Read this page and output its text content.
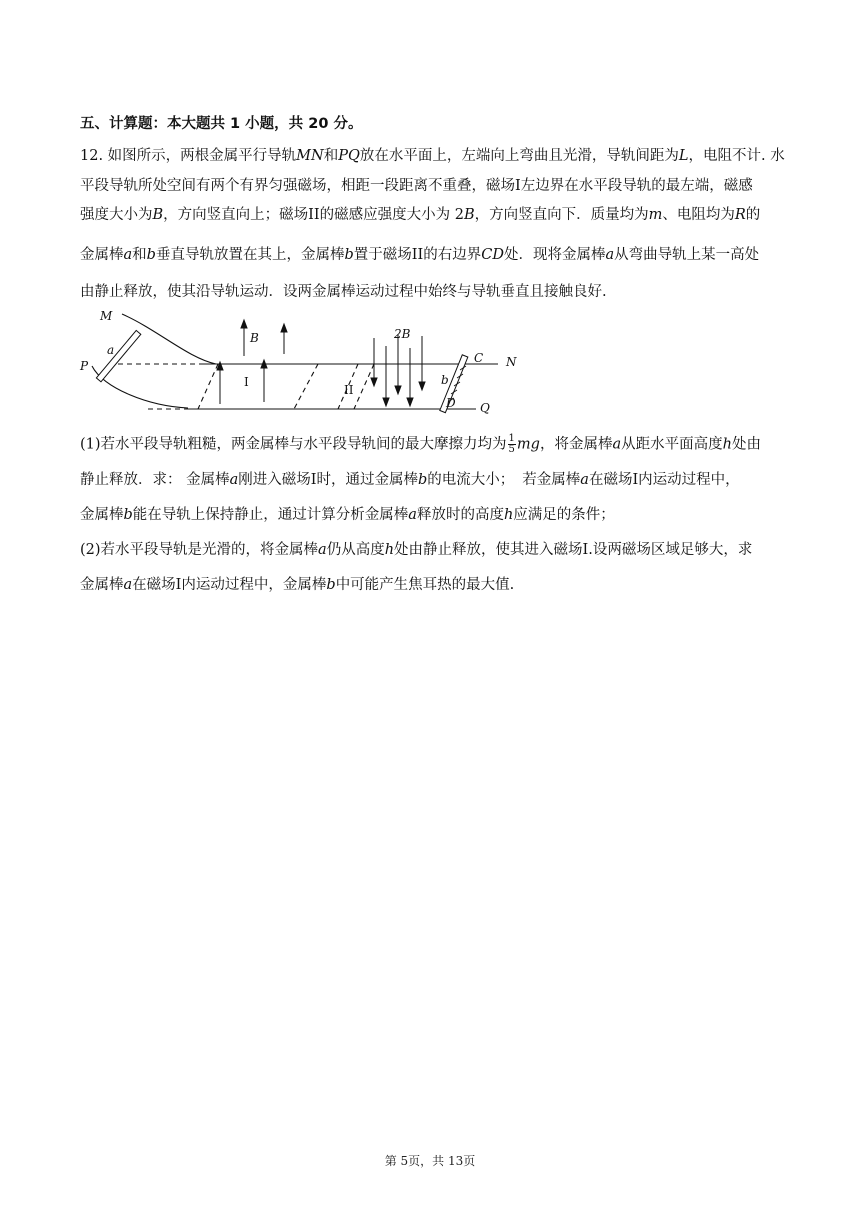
五、计算题：本大题共 1 小题，共 20 分。
12. 如图所示，两根金属平行导轨MN和PQ放在水平面上，左端向上弯曲且光滑，导轨间距为L，电阻不计. 水
平段导轨所处空间有两个有界匀强磁场，相距一段距离不重叠，磁场I左边界在水平段导轨的最左端，磁感
强度大小为B，方向竖直向上；磁场II的磁感应强度大小为 2B，方向竖直向下．质量均为m、电阻均为R的
金属棒a和b垂直导轨放置在其上，金属棒b置于磁场II的右边界CD处．现将金属棒a从弯曲导轨上某一高处
由静止释放，使其沿导轨运动．设两金属棒运动过程中始终与导轨垂直且接触良好.
M
P
a
B
I
2B
II
b
C N
D Q
(1)若水平段导轨粗糙，两金属棒与水平段导轨间的最大摩擦力均为 $\frac{1}{5}$ mg，将金属棒a从距水平面高度h处由
静止释放．求： 金属棒a刚进入磁场I时，通过金属棒b的电流大小； 若金属棒a在磁场I内运动过程中，
金属棒b能在导轨上保持静止，通过计算分析金属棒a释放时的高度h应满足的条件；
(2)若水平段导轨是光滑的，将金属棒a仍从高度h处由静止释放，使其进入磁场I.设两磁场区域足够大，求
金属棒a在磁场I内运动过程中，金属棒b中可能产生焦耳热的最大值.
第 5页，共 13页
